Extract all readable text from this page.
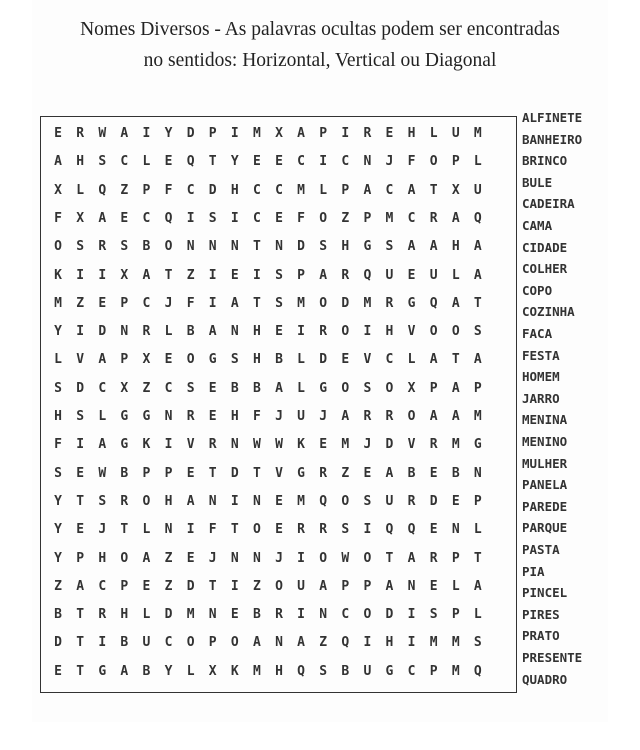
Nomes Diversos - As palavras ocultas podem ser encontradas
no sentidos: Horizontal, Vertical ou Diagonal
E	R	W	A	I	Y	D	P	I	M	X	A	P	I	R	E	H	L	U	M
A	H	S	C	L	E	Q	T	Y	E	E	C	I	C	N	J	F	O	P	L
X	L	Q	Z	P	F	C	D	H	C	C	M	L	P	A	C	A	T	X	U
F	X	A	E	C	Q	I	S	I	C	E	F	O	Z	P	M	C	R	A	Q
O	S	R	S	B	O	N	N	N	T	N	D	S	H	G	S	A	A	H	A
K	I	I	X	A	T	Z	I	E	I	S	P	A	R	Q	U	E	U	L	A
M	Z	E	P	C	J	F	I	A	T	S	M	O	D	M	R	G	Q	A	T
Y	I	D	N	R	L	B	A	N	H	E	I	R	O	I	H	V	O	O	S
L	V	A	P	X	E	O	G	S	H	B	L	D	E	V	C	L	A	T	A
S	D	C	X	Z	C	S	E	B	B	A	L	G	O	S	O	X	P	A	P
H	S	L	G	G	N	R	E	H	F	J	U	J	A	R	R	O	A	A	M
F	I	A	G	K	I	V	R	N	W	W	K	E	M	J	D	V	R	M	G
S	E	W	B	P	P	E	T	D	T	V	G	R	Z	E	A	B	E	B	N
Y	T	S	R	O	H	A	N	I	N	E	M	Q	O	S	U	R	D	E	P
Y	E	J	T	L	N	I	F	T	O	E	R	R	S	I	Q	Q	E	N	L
Y	P	H	O	A	Z	E	J	N	N	J	I	O	W	O	T	A	R	P	T
Z	A	C	P	E	Z	D	T	I	Z	O	U	A	P	P	A	N	E	L	A
B	T	R	H	L	D	M	N	E	B	R	I	N	C	O	D	I	S	P	L
D	T	I	B	U	C	O	P	O	A	N	A	Z	Q	I	H	I	M	M	S
E	T	G	A	B	Y	L	X	K	M	H	Q	S	B	U	G	C	P	M	Q
ALFINETE
BANHEIRO
BRINCO
BULE
CADEIRA
CAMA
CIDADE
COLHER
COPO
COZINHA
FACA
FESTA
HOMEM
JARRO
MENINA
MENINO
MULHER
PANELA
PAREDE
PARQUE
PASTA
PIA
PINCEL
PIRES
PRATO
PRESENTE
QUADRO
